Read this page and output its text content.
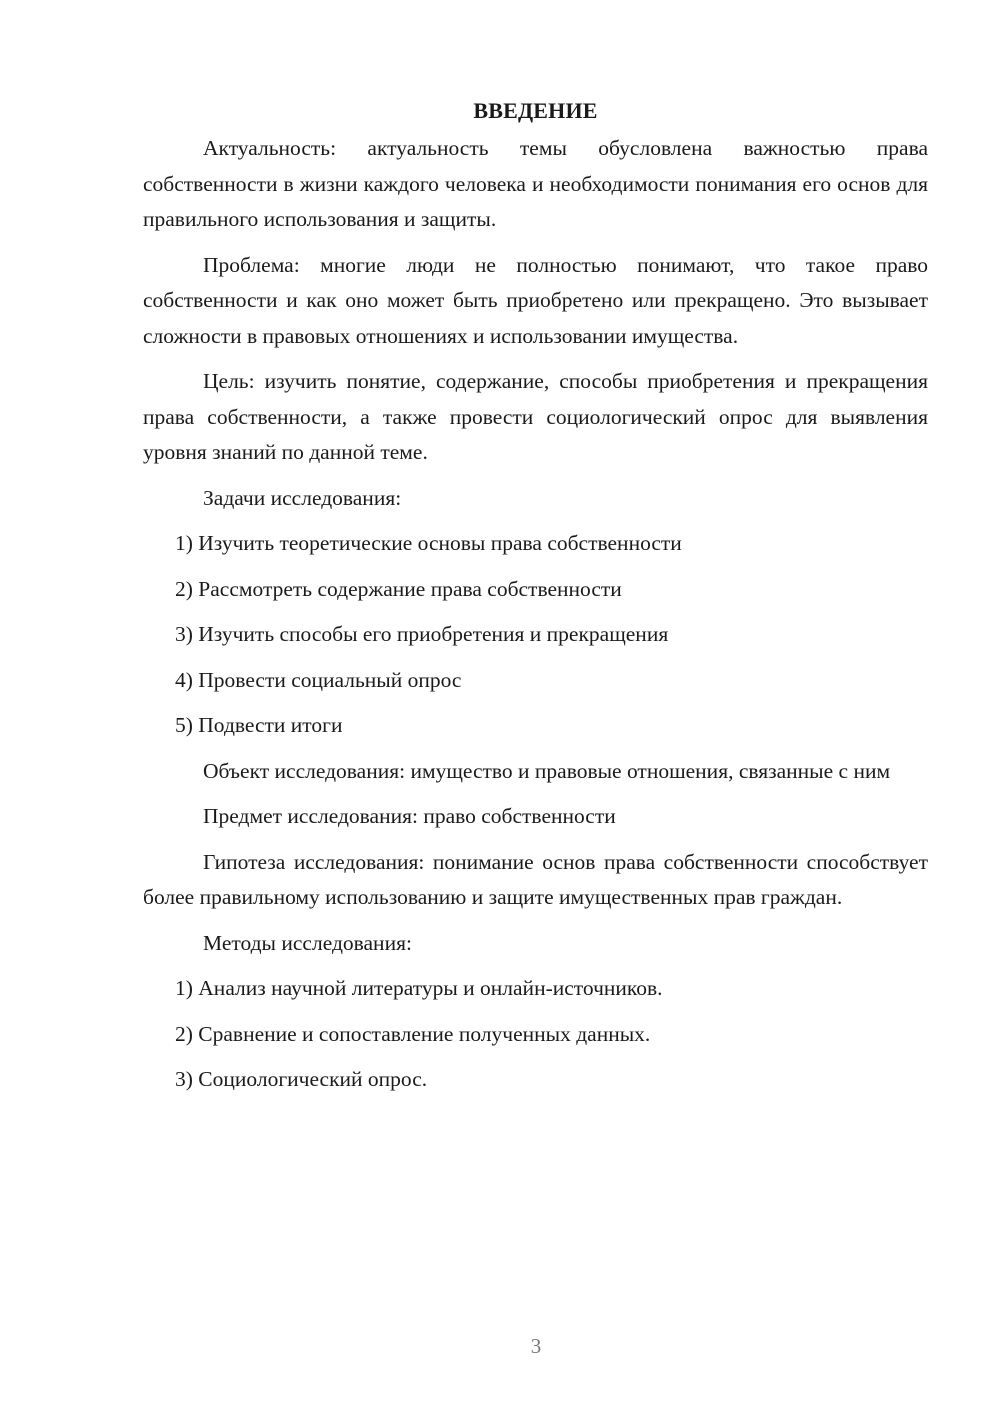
ВВЕДЕНИЕ

Актуальность: актуальность темы обусловлена важностью права собственности в жизни каждого человека и необходимости понимания его основ для правильного использования и защиты.

Проблема: многие люди не полностью понимают, что такое право собственности и как оно может быть приобретено или прекращено. Это вызывает сложности в правовых отношениях и использовании имущества.

Цель: изучить понятие, содержание, способы приобретения и прекращения права собственности, а также провести социологический опрос для выявления уровня знаний по данной теме.

Задачи исследования:

1) Изучить теоретические основы права собственности

2) Рассмотреть содержание права собственности

3) Изучить способы его приобретения и прекращения

4) Провести социальный опрос

5) Подвести итоги

Объект исследования: имущество и правовые отношения, связанные с ним

Предмет исследования: право собственности

Гипотеза исследования: понимание основ права собственности способствует более правильному использованию и защите имущественных прав граждан.

Методы исследования:

1) Анализ научной литературы и онлайн-источников.

2) Сравнение и сопоставление полученных данных.

3) Социологический опрос.

3
